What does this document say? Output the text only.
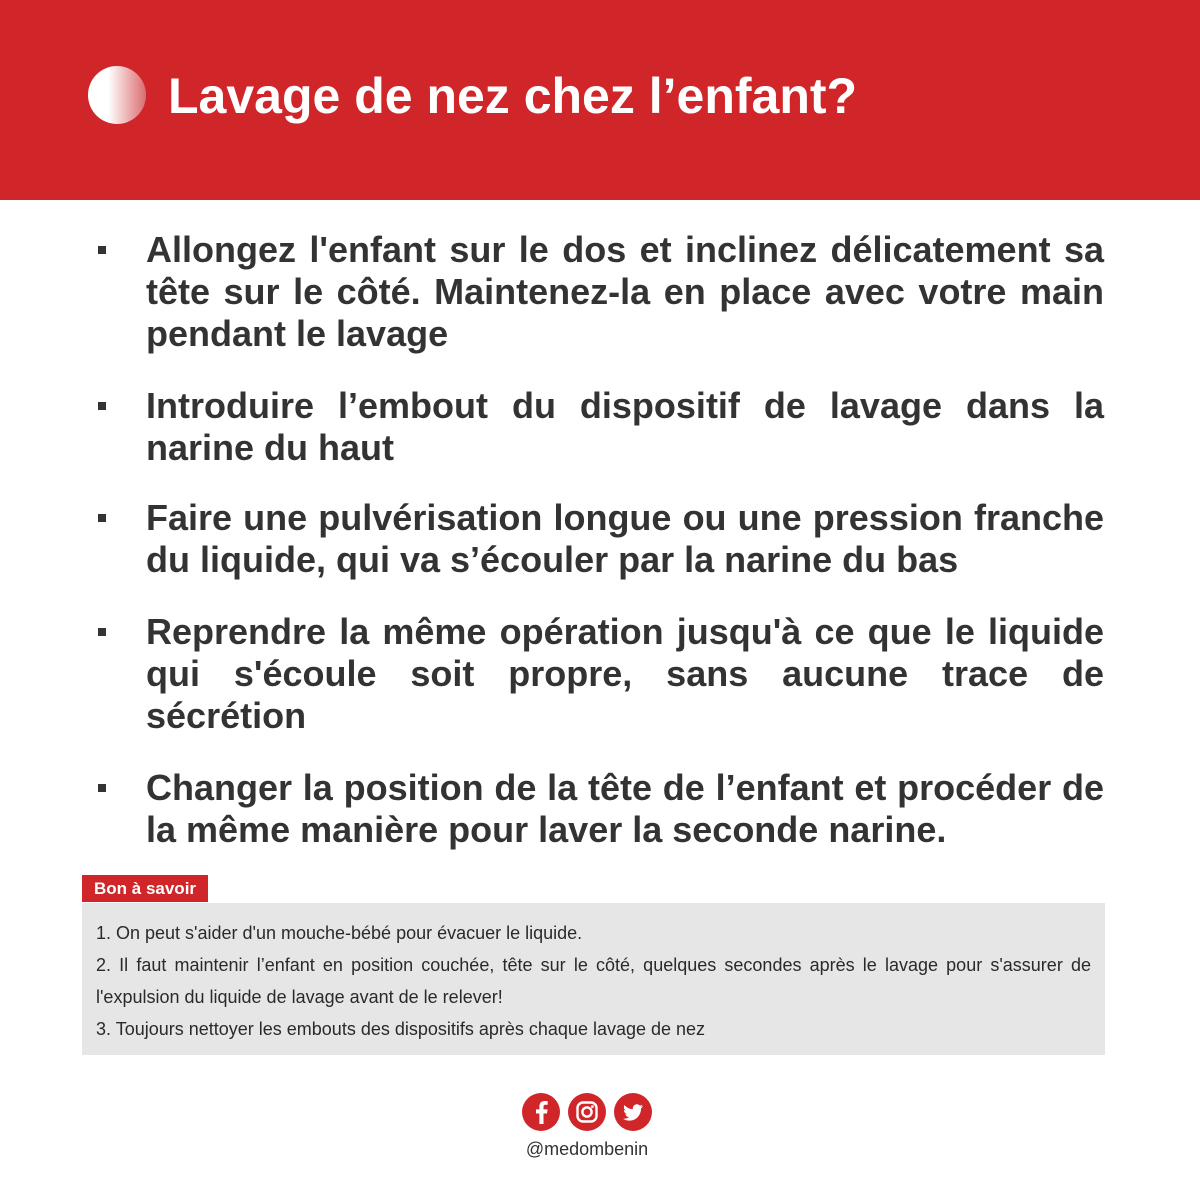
Lavage de nez chez l’enfant?
Allongez l'enfant sur le dos et inclinez délicatement sa tête sur le côté. Maintenez-la en place avec votre main pendant le lavage
Introduire l’embout du dispositif de lavage dans la narine du haut
Faire une pulvérisation longue ou une pression franche du liquide, qui va s’écouler par la narine du bas
Reprendre la même opération jusqu'à ce que le liquide qui s'écoule soit propre, sans aucune trace de sécrétion
Changer la position de la tête de l’enfant et procéder de la même manière pour laver la seconde narine.
Bon à savoir
1. On peut s'aider d'un mouche-bébé pour évacuer le liquide.
2. Il faut maintenir l’enfant en position couchée, tête sur le côté, quelques secondes après le lavage pour s'assurer de l'expulsion du liquide de lavage avant de le relever!
3. Toujours nettoyer les embouts des dispositifs après chaque lavage de nez
@medombenin
